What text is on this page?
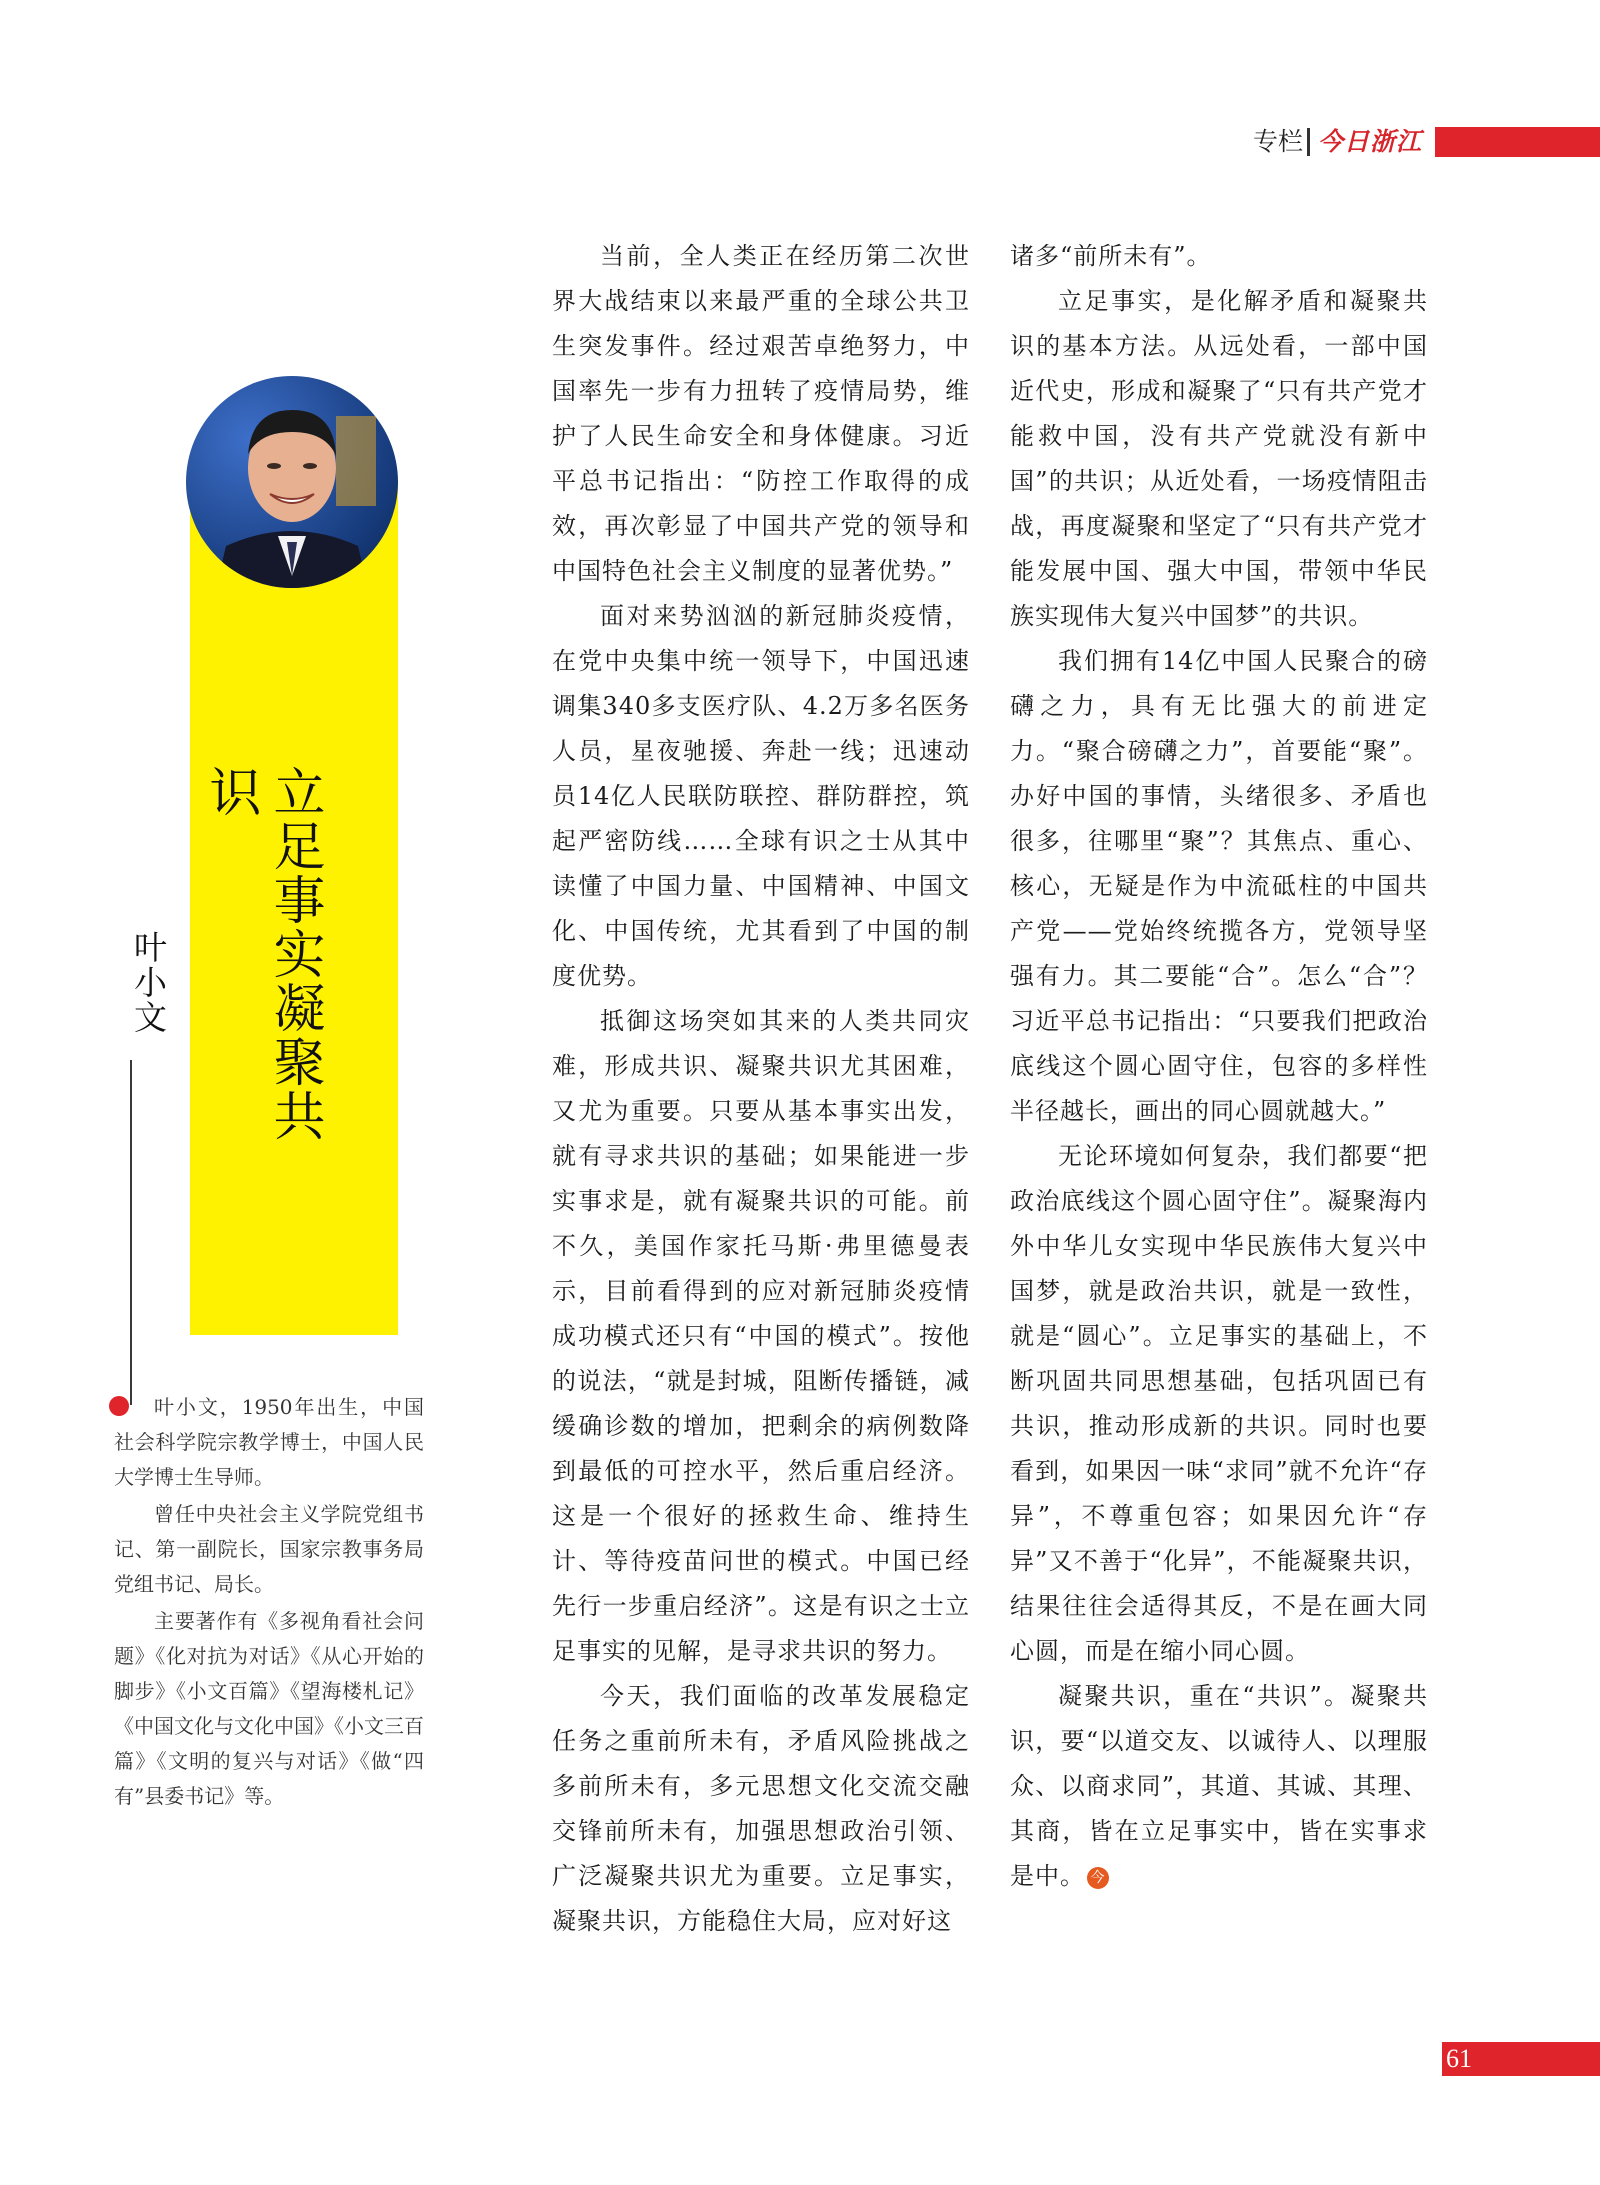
专栏 今日浙江
立足事实凝聚共识
叶小文

叶小文，1950年出生，中国社会科学院宗教学博士，中国人民大学博士生导师。

曾任中央社会主义学院党组书记、第一副院长，国家宗教事务局党组书记、局长。

主要著作有《多视角看社会问题》《化对抗为对话》《从心开始的脚步》《小文百篇》《望海楼札记》《中国文化与文化中国》《小文三百篇》《文明的复兴与对话》《做“四有”县委书记》等。

当前，全人类正在经历第二次世界大战结束以来最严重的全球公共卫生突发事件。经过艰苦卓绝努力，中国率先一步有力扭转了疫情局势，维护了人民生命安全和身体健康。习近平总书记指出：“防控工作取得的成效，再次彰显了中国共产党的领导和中国特色社会主义制度的显著优势。”

面对来势汹汹的新冠肺炎疫情，在党中央集中统一领导下，中国迅速调集340多支医疗队、4.2万多名医务人员，星夜驰援、奔赴一线；迅速动员14亿人民联防联控、群防群控，筑起严密防线……全球有识之士从其中读懂了中国力量、中国精神、中国文化、中国传统，尤其看到了中国的制度优势。

抵御这场突如其来的人类共同灾难，形成共识、凝聚共识尤其困难，又尤为重要。只要从基本事实出发，就有寻求共识的基础；如果能进一步实事求是，就有凝聚共识的可能。前不久，美国作家托马斯·弗里德曼表示，目前看得到的应对新冠肺炎疫情成功模式还只有“中国的模式”。按他的说法，“就是封城，阻断传播链，减缓确诊数的增加，把剩余的病例数降到最低的可控水平，然后重启经济。这是一个很好的拯救生命、维持生计、等待疫苗问世的模式。中国已经先行一步重启经济”。这是有识之士立足事实的见解，是寻求共识的努力。

今天，我们面临的改革发展稳定任务之重前所未有，矛盾风险挑战之多前所未有，多元思想文化交流交融交锋前所未有，加强思想政治引领、广泛凝聚共识尤为重要。立足事实，凝聚共识，方能稳住大局，应对好这

诸多“前所未有”。

立足事实，是化解矛盾和凝聚共识的基本方法。从远处看，一部中国近代史，形成和凝聚了“只有共产党才能救中国，没有共产党就没有新中国”的共识；从近处看，一场疫情阻击战，再度凝聚和坚定了“只有共产党才能发展中国、强大中国，带领中华民族实现伟大复兴中国梦”的共识。

我们拥有14亿中国人民聚合的磅礴之力，具有无比强大的前进定力。“聚合磅礴之力”，首要能“聚”。办好中国的事情，头绪很多、矛盾也很多，往哪里“聚”？其焦点、重心、核心，无疑是作为中流砥柱的中国共产党——党始终统揽各方，党领导坚强有力。其二要能“合”。怎么“合”？习近平总书记指出：“只要我们把政治底线这个圆心固守住，包容的多样性半径越长，画出的同心圆就越大。”

无论环境如何复杂，我们都要“把政治底线这个圆心固守住”。凝聚海内外中华儿女实现中华民族伟大复兴中国梦，就是政治共识，就是一致性，就是“圆心”。立足事实的基础上，不断巩固共同思想基础，包括巩固已有共识，推动形成新的共识。同时也要看到，如果因一味“求同”就不允许“存异”，不尊重包容；如果因允许“存异”又不善于“化异”，不能凝聚共识，结果往往会适得其反，不是在画大同心圆，而是在缩小同心圆。

凝聚共识，重在“共识”。凝聚共识，要“以道交友、以诚待人、以理服众、以商求同”，其道、其诚、其理、其商，皆在立足事实中，皆在实事求是中。 今

61
